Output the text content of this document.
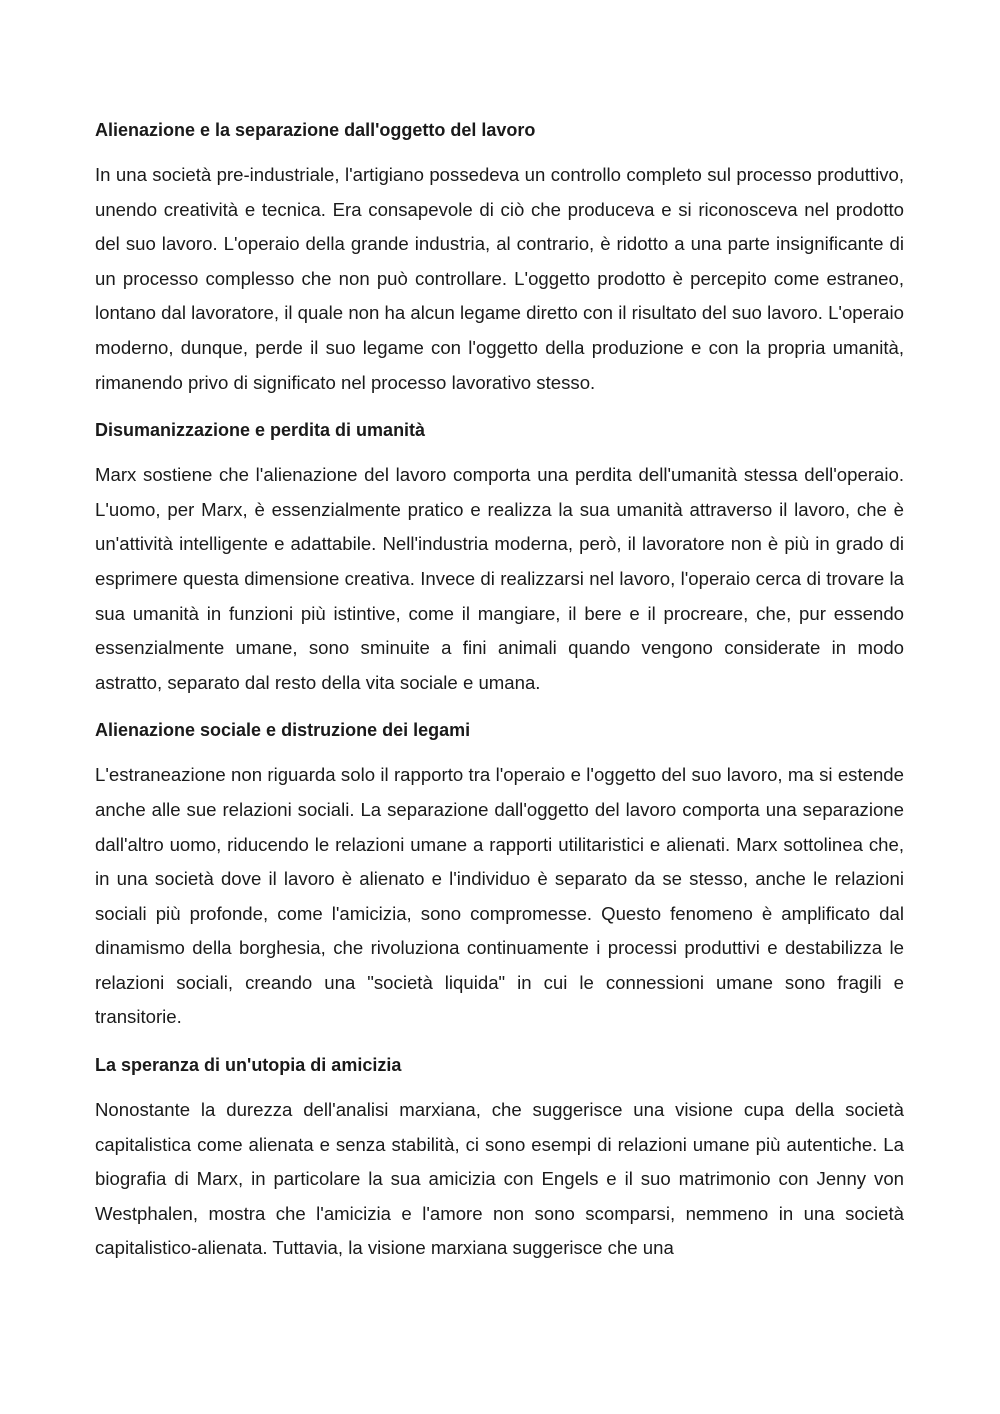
Alienazione e la separazione dall'oggetto del lavoro

In una società pre-industriale, l'artigiano possedeva un controllo completo sul processo produttivo, unendo creatività e tecnica. Era consapevole di ciò che produceva e si riconosceva nel prodotto del suo lavoro. L'operaio della grande industria, al contrario, è ridotto a una parte insignificante di un processo complesso che non può controllare. L'oggetto prodotto è percepito come estraneo, lontano dal lavoratore, il quale non ha alcun legame diretto con il risultato del suo lavoro. L'operaio moderno, dunque, perde il suo legame con l'oggetto della produzione e con la propria umanità, rimanendo privo di significato nel processo lavorativo stesso.

Disumanizzazione e perdita di umanità

Marx sostiene che l'alienazione del lavoro comporta una perdita dell'umanità stessa dell'operaio. L'uomo, per Marx, è essenzialmente pratico e realizza la sua umanità attraverso il lavoro, che è un'attività intelligente e adattabile. Nell'industria moderna, però, il lavoratore non è più in grado di esprimere questa dimensione creativa. Invece di realizzarsi nel lavoro, l'operaio cerca di trovare la sua umanità in funzioni più istintive, come il mangiare, il bere e il procreare, che, pur essendo essenzialmente umane, sono sminuite a fini animali quando vengono considerate in modo astratto, separato dal resto della vita sociale e umana.

Alienazione sociale e distruzione dei legami

L'estraneazione non riguarda solo il rapporto tra l'operaio e l'oggetto del suo lavoro, ma si estende anche alle sue relazioni sociali. La separazione dall'oggetto del lavoro comporta una separazione dall'altro uomo, riducendo le relazioni umane a rapporti utilitaristici e alienati. Marx sottolinea che, in una società dove il lavoro è alienato e l'individuo è separato da se stesso, anche le relazioni sociali più profonde, come l'amicizia, sono compromesse. Questo fenomeno è amplificato dal dinamismo della borghesia, che rivoluziona continuamente i processi produttivi e destabilizza le relazioni sociali, creando una "società liquida" in cui le connessioni umane sono fragili e transitorie.

La speranza di un'utopia di amicizia

Nonostante la durezza dell'analisi marxiana, che suggerisce una visione cupa della società capitalistica come alienata e senza stabilità, ci sono esempi di relazioni umane più autentiche. La biografia di Marx, in particolare la sua amicizia con Engels e il suo matrimonio con Jenny von Westphalen, mostra che l'amicizia e l'amore non sono scomparsi, nemmeno in una società capitalistico-alienata. Tuttavia, la visione marxiana suggerisce che una
